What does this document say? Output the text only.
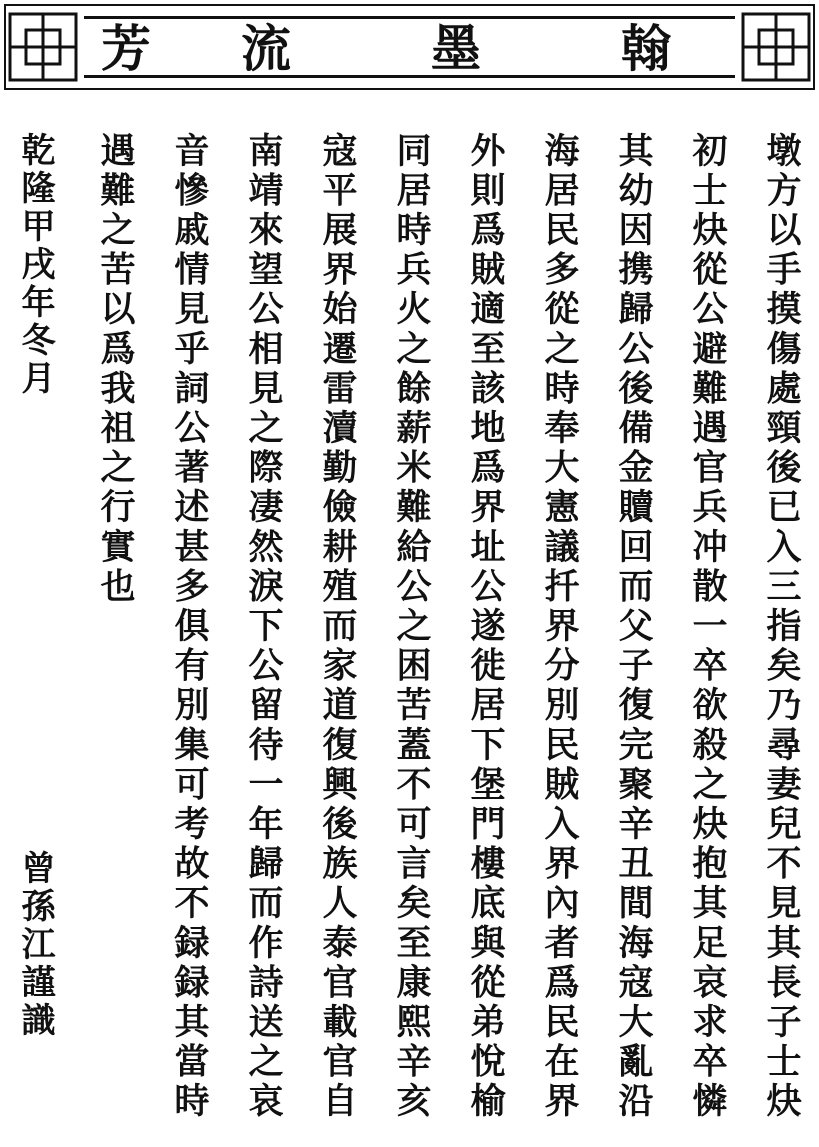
翰
墨
流
芳
墩方以手摸傷處頸後已入三指矣乃尋妻兒不見其長子士炔
初士炔從公避難遇官兵冲散一卒欲殺之炔抱其足哀求卒憐
其幼因携歸公後備金贖回而父子復完聚辛丑間海寇大亂沿
海居民多從之時奉大憲議扦界分別民賊入界內者爲民在界
外則爲賊適至該地爲界址公遂徙居下堡門樓底與從弟悅榆
同居時兵火之餘薪米難給公之困苦蓋不可言矣至康熙辛亥
寇平展界始遷雷瀆勤儉耕殖而家道復興後族人泰官載官自
南靖來望公相見之際凄然淚下公留待一年歸而作詩送之哀
音慘戚情見乎詞公著述甚多俱有別集可考故不録録其當時
遇難之苦以爲我祖之行實也
乾隆甲戌年冬月
曾孫江謹識
